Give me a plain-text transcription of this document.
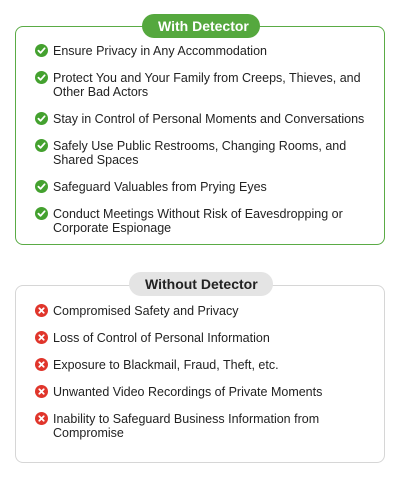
Ensure Privacy in Any Accommodation
Protect You and Your Family from Creeps, Thieves, and Other Bad Actors
Stay in Control of Personal Moments and Conversations
Safely Use Public Restrooms, Changing Rooms, and Shared Spaces
Safeguard Valuables from Prying Eyes
Conduct Meetings Without Risk of Eavesdropping or Corporate Espionage
With Detector
Compromised Safety and Privacy
Loss of Control of Personal Information
Exposure to Blackmail, Fraud, Theft, etc.
Unwanted Video Recordings of Private Moments
Inability to Safeguard Business Information from Compromise
Without Detector
